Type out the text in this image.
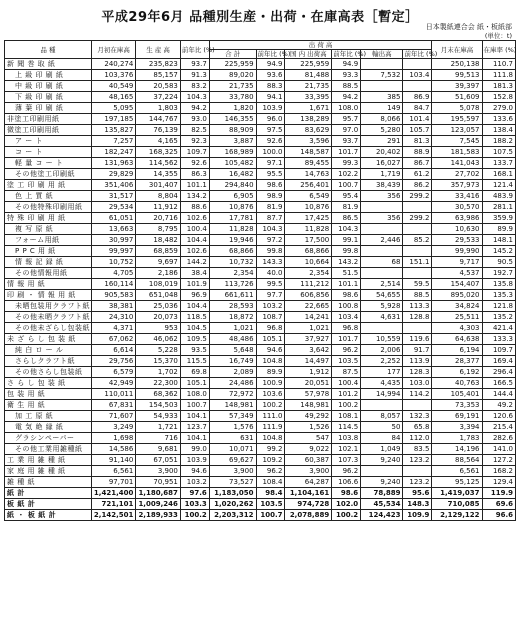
平成29年6月 品種別生産・出荷・在庫高表［暫定］
日本製紙連合会 紙・板紙部
(単位：t)
品 種	月初在庫高	生 産 高	前年比 (%)	出 荷 高						月末在庫高	在庫率 (%)
				合 計	前年比 (%)	国 内 出荷高	前年比 (%)	輸出高	前年比 (%)		
新 聞 巻 取 紙	240,274	235,823	93.7	225,959	94.9	225,959	94.9			250,138	110.7
上 級 印 刷 紙	103,376	85,157	91.3	89,020	93.6	81,488	93.3	7,532	103.4	99,513	111.8
中 級 印 刷 紙	40,549	20,583	83.2	21,735	88.3	21,735	88.5			39,397	181.3
下 級 印 刷 紙	48,165	37,224	104.3	33,780	94.1	33,395	94.2	385	86.9	51,609	152.8
薄 葉 印 刷 紙	5,095	1,803	94.2	1,820	103.9	1,671	108.0	149	84.7	5,078	279.0
非塗工印刷用紙	197,185	144,767	93.0	146,355	96.0	138,289	95.7	8,066	101.4	195,597	133.6
微塗工印刷用紙	135,827	76,139	82.5	88,909	97.5	83,629	97.0	5,280	105.7	123,057	138.4
ア ー ト	7,257	4,165	92.3	3,887	92.6	3,596	93.7	291	81.3	7,545	188.2
コ ー ト	182,247	168,325	109.7	168,989	100.0	148,587	101.7	20,402	88.9	181,583	107.5
軽 量 コ ー ト	131,963	114,562	92.6	105,482	97.1	89,455	99.3	16,027	86.7	141,043	133.7
その他塗工印刷紙	29,829	14,355	86.3	16,482	95.5	14,763	102.2	1,719	61.2	27,702	168.1
塗 工 印 刷 用 紙	351,406	301,407	101.1	294,840	98.6	256,401	100.7	38,439	86.2	357,973	121.4
色 上 質 紙	31,517	8,804	134.2	6,905	98.9	6,549	95.4	356	299.2	33,416	483.9
その他特殊印刷用紙	29,534	11,912	88.6	10,876	81.9	10,876	81.9			30,570	281.1
特 殊 印 刷 用 紙	61,051	20,716	102.6	17,781	87.7	17,425	86.5	356	299.2	63,986	359.9
複 写 原 紙	13,663	8,795	100.4	11,828	104.3	11,828	104.3			10,630	89.9
フォーム用紙	30,997	18,482	104.4	19,946	97.2	17,500	99.1	2,446	85.2	29,533	148.1
P P C 用 紙	99,997	68,859	102.6	68,866	99.8	68,866	99.8			99,990	145.2
情 報 記 録 紙	10,752	9,697	144.2	10,732	143.3	10,664	143.2	68	151.1	9,717	90.5
その他情報用紙	4,705	2,186	38.4	2,354	40.0	2,354	51.5			4,537	192.7
情 報 用 紙	160,114	108,019	101.9	113,726	99.5	111,212	101.1	2,514	59.5	154,407	135.8
印 刷 ・ 情 報 用 紙	905,583	651,048	96.9	661,611	97.7	606,856	98.6	54,655	88.5	895,020	135.3
未晒包装用クラフト紙	38,381	25,036	104.4	28,593	103.2	22,665	100.8	5,928	113.3	34,824	121.8
その他未晒クラフト紙	24,310	20,073	118.5	18,872	108.7	14,241	103.4	4,631	128.8	25,511	135.2
その他未ざらし包装紙	4,371	953	104.5	1,021	96.8	1,021	96.8			4,303	421.4
未 ざ ら し 包 装 紙	67,062	46,062	109.5	48,486	105.1	37,927	101.7	10,559	119.6	64,638	133.3
純 白 ロ ー ル	6,614	5,228	93.5	5,648	94.6	3,642	96.2	2,006	91.7	6,194	109.7
さらしクラフト紙	29,756	15,370	115.5	16,749	104.8	14,497	103.5	2,252	113.9	28,377	169.4
その他さらし包装紙	6,579	1,702	69.8	2,089	89.9	1,912	87.5	177	128.3	6,192	296.4
さ ら し 包 装 紙	42,949	22,300	105.1	24,486	100.9	20,051	100.4	4,435	103.0	40,763	166.5
包 装 用 紙	110,011	68,362	108.0	72,972	103.6	57,978	101.2	14,994	114.2	105,401	144.4
衛 生 用 紙	67,831	154,503	100.7	148,981	100.2	148,981	100.2			73,353	49.2
加 工 原 紙	71,607	54,933	104.1	57,349	111.0	49,292	108.1	8,057	132.3	69,191	120.6
電 気 絶 縁 紙	3,249	1,721	123.7	1,576	111.9	1,526	114.5	50	65.8	3,394	215.4
グラシンペーパー	1,698	716	104.1	631	104.8	547	103.8	84	112.0	1,783	282.6
その他工業用雑種紙	14,586	9,681	99.0	10,071	99.2	9,022	102.1	1,049	83.5	14,196	141.0
工 業 用 雑 種 紙	91,140	67,051	103.9	69,627	109.2	60,387	107.3	9,240	123.2	88,564	127.2
家 庭 用 雑 種 紙	6,561	3,900	94.6	3,900	96.2	3,900	96.2			6,561	168.2
雑 種 紙	97,701	70,951	103.2	73,527	108.4	64,287	106.6	9,240	123.2	95,125	129.4
紙 計	1,421,400	1,180,687	97.6	1,183,050	98.4	1,104,161	98.6	78,889	95.6	1,419,037	119.9
板 紙 計	721,101	1,009,246	103.3	1,020,262	103.5	974,728	102.0	45,534	148.3	710,085	69.6
紙 ・ 板 紙 計	2,142,501	2,189,933	100.2	2,203,312	100.7	2,078,889	100.2	124,423	109.9	2,129,122	96.6
